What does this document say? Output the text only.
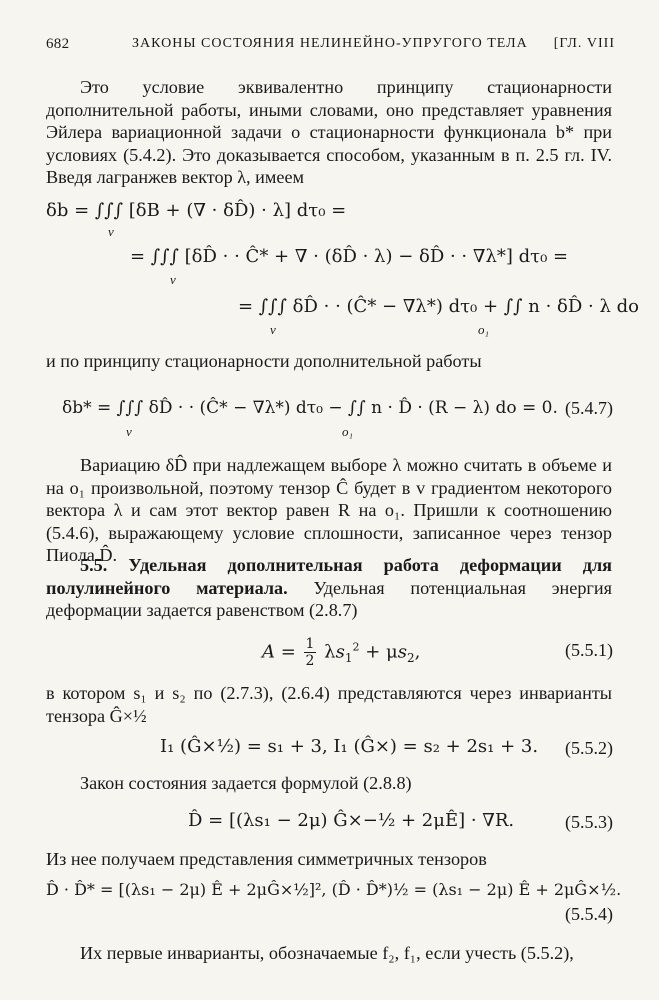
682	ЗАКОНЫ СОСТОЯНИЯ НЕЛИНЕЙНО-УПРУГОГО ТЕЛА [ГЛ. VIII
Это условие эквивалентно принципу стационарности дополнительной работы, иными словами, оно представляет уравнения Эйлера вариационной задачи о стационарности функционала b* при условиях (5.4.2). Это доказывается способом, указанным в п. 2.5 гл. IV. Введя лагранжев вектор λ, имеем
δb = ∫∫∫ [δB + (∇ · δD̂) · λ] dτ₀ =
v
= ∫∫∫ [δD̂ · · Ĉ* + ∇ · (δD̂ · λ) − δD̂ · · ∇λ*] dτ₀ =
v
= ∫∫∫ δD̂ · · (Ĉ* − ∇λ*) dτ₀ + ∫∫ n · δD̂ · λ do
v	o₁
и по принципу стационарности дополнительной работы
δb* = ∫∫∫ δD̂ · · (Ĉ* − ∇λ*) dτ₀ − ∫∫ n · D̂ · (R − λ) do = 0. (5.4.7)
v	o₁
Вариацию δD̂ при надлежащем выборе λ можно считать в объеме и на o₁ произвольной, поэтому тензор Ĉ будет в v градиентом некоторого вектора λ и сам этот вектор равен R на o₁. Пришли к соотношению (5.4.6), выражающему условие сплошности, записанное через тензор Пиола D̂.
5.5. Удельная дополнительная работа деформации для полулинейного материала. Удельная потенциальная энергия деформации задается равенством (2.8.7)
$A = \frac{1}{2} \lambda s_1^2 + \mu s_2$,	(5.5.1)
в котором s₁ и s₂ по (2.7.3), (2.6.4) представляются через инварианты тензора Ĝ×½
I₁ (Ĝ×½) = s₁ + 3, I₁ (Ĝ×) = s₂ + 2s₁ + 3. (5.5.2)
Закон состояния задается формулой (2.8.8)
D̂ = [(λs₁ − 2μ) Ĝ×−½ + 2μÊ] · ∇R.	(5.5.3)
Из нее получаем представления симметричных тензоров
D̂ · D̂* = [(λs₁ − 2μ) Ê + 2μĜ×½]², (D̂ · D̂*)½ = (λs₁ − 2μ) Ê + 2μĜ×½.
(5.5.4)
Их первые инварианты, обозначаемые f₂, f₁, если учесть (5.5.2),
